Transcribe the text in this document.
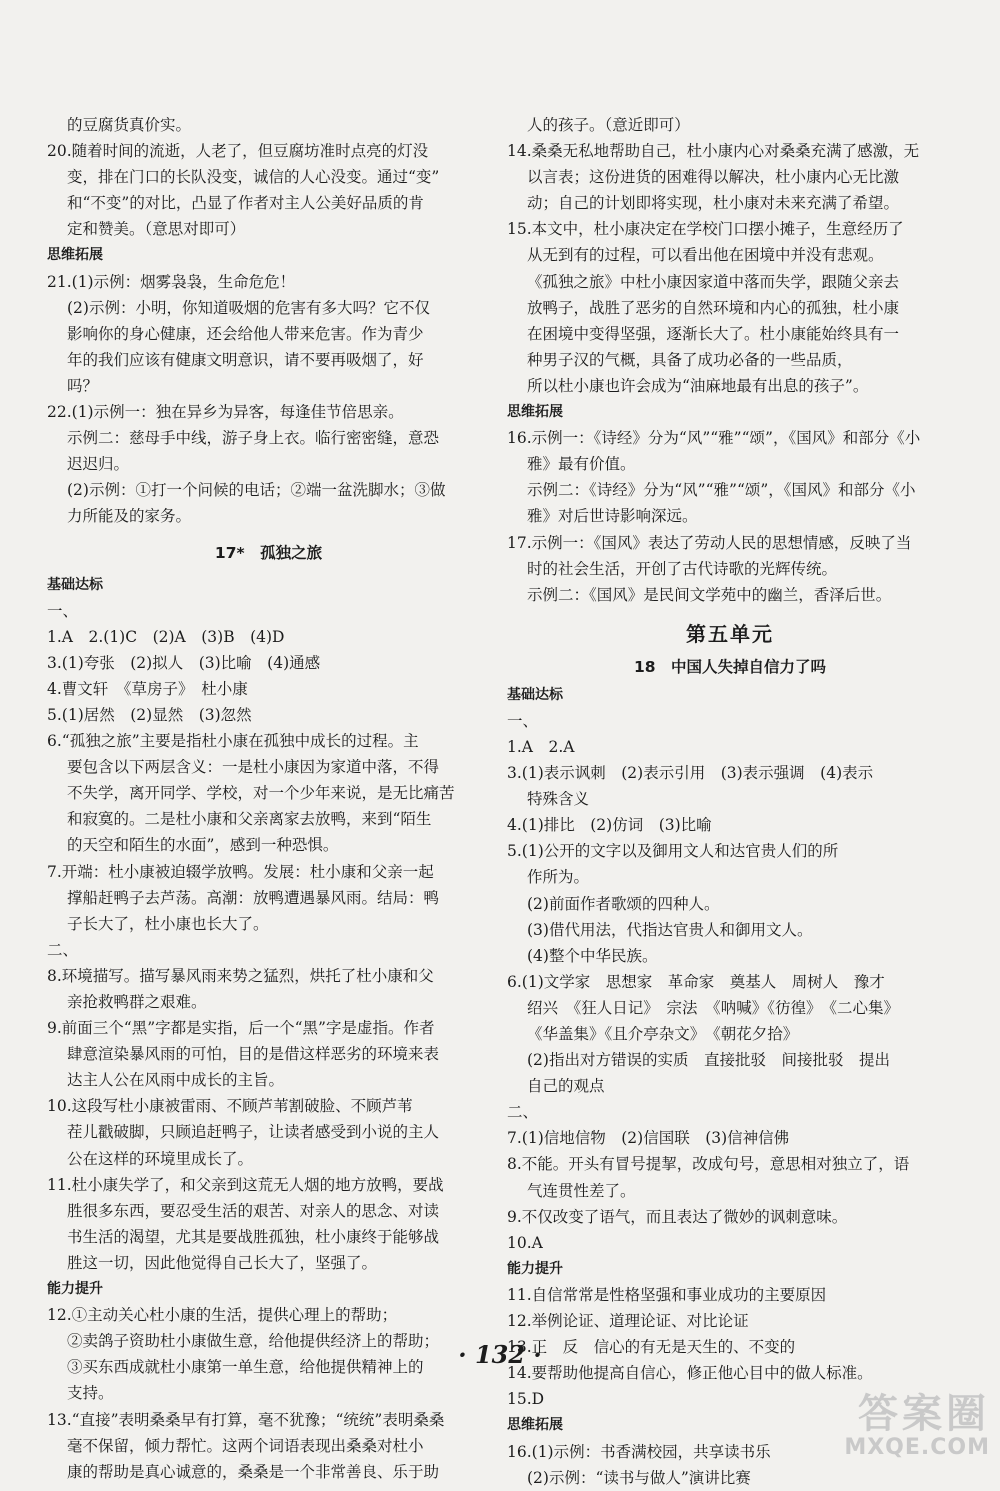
的豆腐货真价实。
20.随着时间的流逝，人老了，但豆腐坊准时点亮的灯没
变，排在门口的长队没变，诚信的人心没变。通过“变”
和“不变”的对比，凸显了作者对主人公美好品质的肯
定和赞美。（意思对即可）
思维拓展
21.(1)示例：烟雾袅袅，生命危危！
(2)示例：小明，你知道吸烟的危害有多大吗？它不仅
影响你的身心健康，还会给他人带来危害。作为青少
年的我们应该有健康文明意识，请不要再吸烟了，好
吗？
22.(1)示例一：独在异乡为异客，每逢佳节倍思亲。
示例二：慈母手中线，游子身上衣。临行密密缝，意恐
迟迟归。
(2)示例：①打一个问候的电话；②端一盆洗脚水；③做
力所能及的家务。
17*　孤独之旅
基础达标
一、
1.A　2.(1)C　(2)A　(3)B　(4)D
3.(1)夸张　(2)拟人　(3)比喻　(4)通感
4.曹文轩　《草房子》　杜小康
5.(1)居然　(2)显然　(3)忽然
6.“孤独之旅”主要是指杜小康在孤独中成长的过程。主
要包含以下两层含义：一是杜小康因为家道中落，不得
不失学，离开同学、学校，对一个少年来说，是无比痛苦
和寂寞的。二是杜小康和父亲离家去放鸭，来到“陌生
的天空和陌生的水面”，感到一种恐惧。
7.开端：杜小康被迫辍学放鸭。发展：杜小康和父亲一起
撑船赶鸭子去芦荡。高潮：放鸭遭遇暴风雨。结局：鸭
子长大了，杜小康也长大了。
二、
8.环境描写。描写暴风雨来势之猛烈，烘托了杜小康和父
亲抢救鸭群之艰难。
9.前面三个“黑”字都是实指，后一个“黑”字是虚指。作者
肆意渲染暴风雨的可怕，目的是借这样恶劣的环境来表
达主人公在风雨中成长的主旨。
10.这段写杜小康被雷雨、不顾芦苇割破脸、不顾芦苇
茬儿戳破脚，只顾追赶鸭子，让读者感受到小说的主人
公在这样的环境里成长了。
11.杜小康失学了，和父亲到这荒无人烟的地方放鸭，要战
胜很多东西，要忍受生活的艰苦、对亲人的思念、对读
书生活的渴望，尤其是要战胜孤独，杜小康终于能够战
胜这一切，因此他觉得自己长大了，坚强了。
能力提升
12.①主动关心杜小康的生活，提供心理上的帮助；
②卖鸽子资助杜小康做生意，给他提供经济上的帮助；
③买东西成就杜小康第一单生意，给他提供精神上的
支持。
13.“直接”表明桑桑早有打算，毫不犹豫；“统统”表明桑桑
毫不保留，倾力帮忙。这两个词语表现出桑桑对杜小
康的帮助是真心诚意的，桑桑是一个非常善良、乐于助
人的孩子。（意近即可）
14.桑桑无私地帮助自己，杜小康内心对桑桑充满了感激，无
以言表；这份进货的困难得以解决，杜小康内心无比激
动；自己的计划即将实现，杜小康对未来充满了希望。
15.本文中，杜小康决定在学校门口摆小摊子，生意经历了
从无到有的过程，可以看出他在困境中并没有悲观。
《孤独之旅》中杜小康因家道中落而失学，跟随父亲去
放鸭子，战胜了恶劣的自然环境和内心的孤独，杜小康
在困境中变得坚强，逐渐长大了。杜小康能始终具有一
种男子汉的气概，具备了成功必备的一些品质，
所以杜小康也许会成为“油麻地最有出息的孩子”。
思维拓展
16.示例一：《诗经》分为“风”“雅”“颂”，《国风》和部分《小
雅》最有价值。
示例二：《诗经》分为“风”“雅”“颂”，《国风》和部分《小
雅》对后世诗影响深远。
17.示例一：《国风》表达了劳动人民的思想情感，反映了当
时的社会生活，开创了古代诗歌的光辉传统。
示例二：《国风》是民间文学苑中的幽兰，香泽后世。
第五单元
18　中国人失掉自信力了吗
基础达标
一、
1.A　2.A
3.(1)表示讽刺　(2)表示引用　(3)表示强调　(4)表示
特殊含义
4.(1)排比　(2)仿词　(3)比喻
5.(1)公开的文字以及御用文人和达官贵人们的所
作所为。
(2)前面作者歌颂的四种人。
(3)借代用法，代指达官贵人和御用文人。
(4)整个中华民族。
6.(1)文学家　思想家　革命家　奠基人　周树人　豫才
绍兴　《狂人日记》　宗法　《呐喊》《彷徨》　《二心集》
《华盖集》《且介亭杂文》　《朝花夕拾》
(2)指出对方错误的实质　直接批驳　间接批驳　提出
自己的观点
二、
7.(1)信地信物　(2)信国联　(3)信神信佛
8.不能。开头有冒号提挈，改成句号，意思相对独立了，语
气连贯性差了。
9.不仅改变了语气，而且表达了微妙的讽刺意味。
10.A
能力提升
11.自信常常是性格坚强和事业成功的主要原因
12.举例论证、道理论证、对比论证
13.正　反　信心的有无是天生的、不变的
14.要帮助他提高自信心，修正他心目中的做人标准。
15.D
思维拓展
16.(1)示例：书香满校园，共享读书乐
(2)示例：“读书与做人”演讲比赛
· 132 ·
答案圈
MXQE.COM
